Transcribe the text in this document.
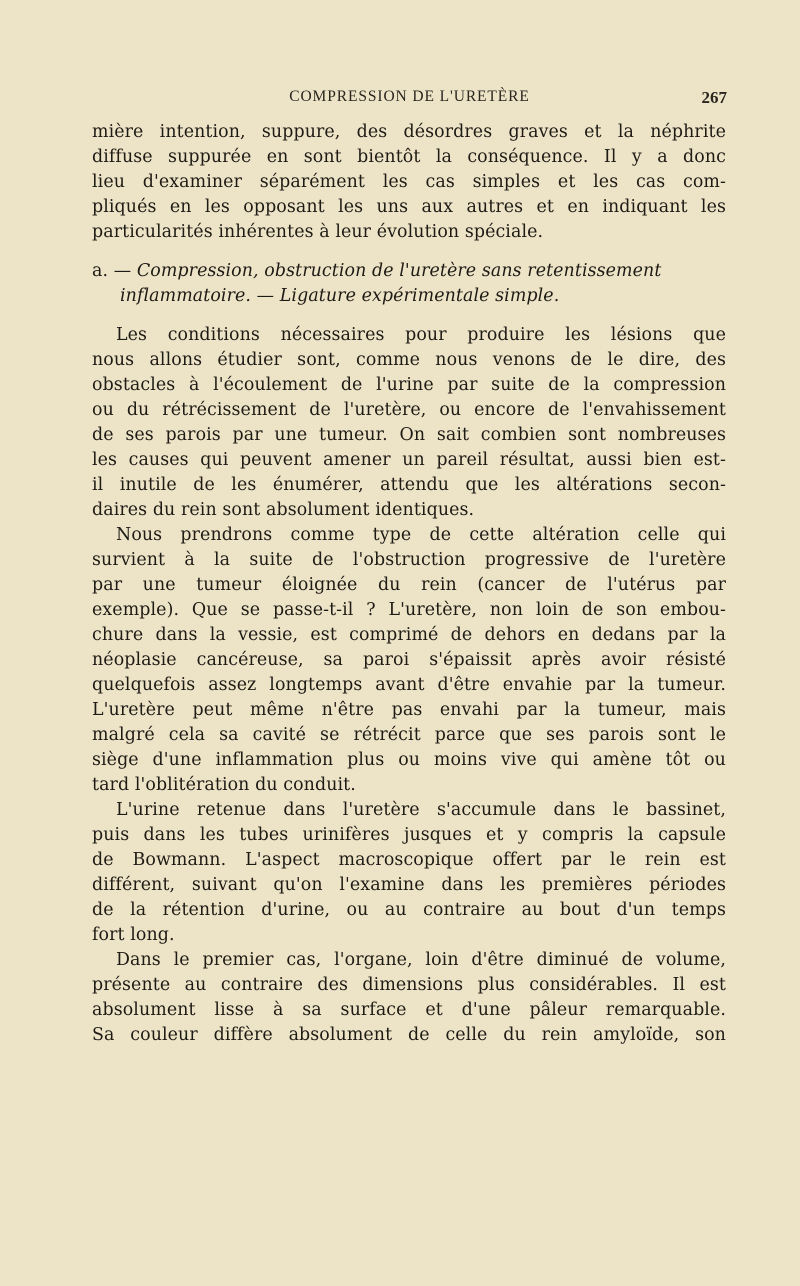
COMPRESSION DE L'URETÈRE	267
mière intention, suppure, des désordres graves et la néphrite
diffuse suppurée en sont bientôt la conséquence. Il y a donc
lieu d'examiner séparément les cas simples et les cas com-
pliqués en les opposant les uns aux autres et en indiquant les
particularités inhérentes à leur évolution spéciale.
a. — Compression, obstruction de l'uretère sans retentissement
inflammatoire. — Ligature expérimentale simple.
Les conditions nécessaires pour produire les lésions que
nous allons étudier sont, comme nous venons de le dire, des
obstacles à l'écoulement de l'urine par suite de la compression
ou du rétrécissement de l'uretère, ou encore de l'envahissement
de ses parois par une tumeur. On sait combien sont nombreuses
les causes qui peuvent amener un pareil résultat, aussi bien est-
il inutile de les énumérer, attendu que les altérations secon-
daires du rein sont absolument identiques.
Nous prendrons comme type de cette altération celle qui
survient à la suite de l'obstruction progressive de l'uretère
par une tumeur éloignée du rein (cancer de l'utérus par
exemple). Que se passe-t-il ? L'uretère, non loin de son embou-
chure dans la vessie, est comprimé de dehors en dedans par la
néoplasie cancéreuse, sa paroi s'épaissit après avoir résisté
quelquefois assez longtemps avant d'être envahie par la tumeur.
L'uretère peut même n'être pas envahi par la tumeur, mais
malgré cela sa cavité se rétrécit parce que ses parois sont le
siège d'une inflammation plus ou moins vive qui amène tôt ou
tard l'oblitération du conduit.
L'urine retenue dans l'uretère s'accumule dans le bassinet,
puis dans les tubes urinifères jusques et y compris la capsule
de Bowmann. L'aspect macroscopique offert par le rein est
différent, suivant qu'on l'examine dans les premières périodes
de la rétention d'urine, ou au contraire au bout d'un temps
fort long.
Dans le premier cas, l'organe, loin d'être diminué de volume,
présente au contraire des dimensions plus considérables. Il est
absolument lisse à sa surface et d'une pâleur remarquable.
Sa couleur diffère absolument de celle du rein amyloïde, son
